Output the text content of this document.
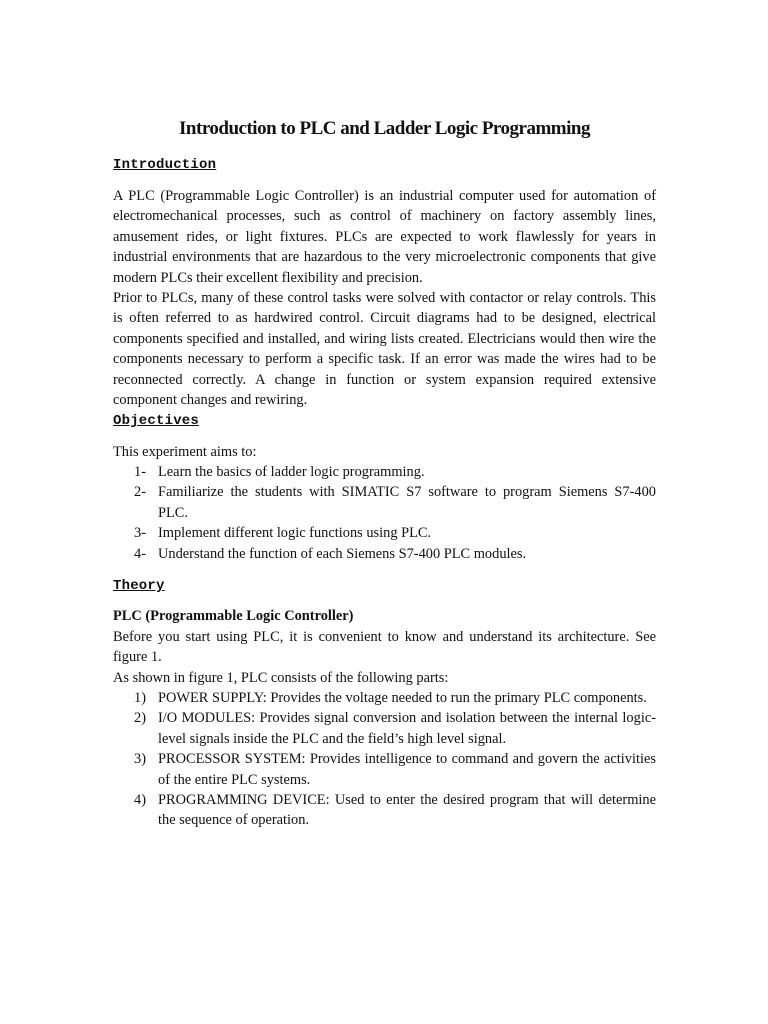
Introduction to PLC and Ladder Logic Programming
Introduction

A PLC (Programmable Logic Controller) is an industrial computer used for automation of electromechanical processes, such as control of machinery on factory assembly lines, amusement rides, or light fixtures. PLCs are expected to work flawlessly for years in industrial environments that are hazardous to the very microelectronic components that give modern PLCs their excellent flexibility and precision.

Prior to PLCs, many of these control tasks were solved with contactor or relay controls. This is often referred to as hardwired control. Circuit diagrams had to be designed, electrical components specified and installed, and wiring lists created. Electricians would then wire the components necessary to perform a specific task. If an error was made the wires had to be reconnected correctly. A change in function or system expansion required extensive component changes and rewiring.

Objectives

This experiment aims to:

1- Learn the basics of ladder logic programming.
2- Familiarize the students with SIMATIC S7 software to program Siemens S7-400 PLC.
3- Implement different logic functions using PLC.
4- Understand the function of each Siemens S7-400 PLC modules.
Theory

PLC (Programmable Logic Controller)

Before you start using PLC, it is convenient to know and understand its architecture. See figure 1.

As shown in figure 1, PLC consists of the following parts:

1) POWER SUPPLY: Provides the voltage needed to run the primary PLC components.
2) I/O MODULES: Provides signal conversion and isolation between the internal logic-level signals inside the PLC and the field’s high level signal.
3) PROCESSOR SYSTEM: Provides intelligence to command and govern the activities of the entire PLC systems.
4) PROGRAMMING DEVICE: Used to enter the desired program that will determine the sequence of operation.
